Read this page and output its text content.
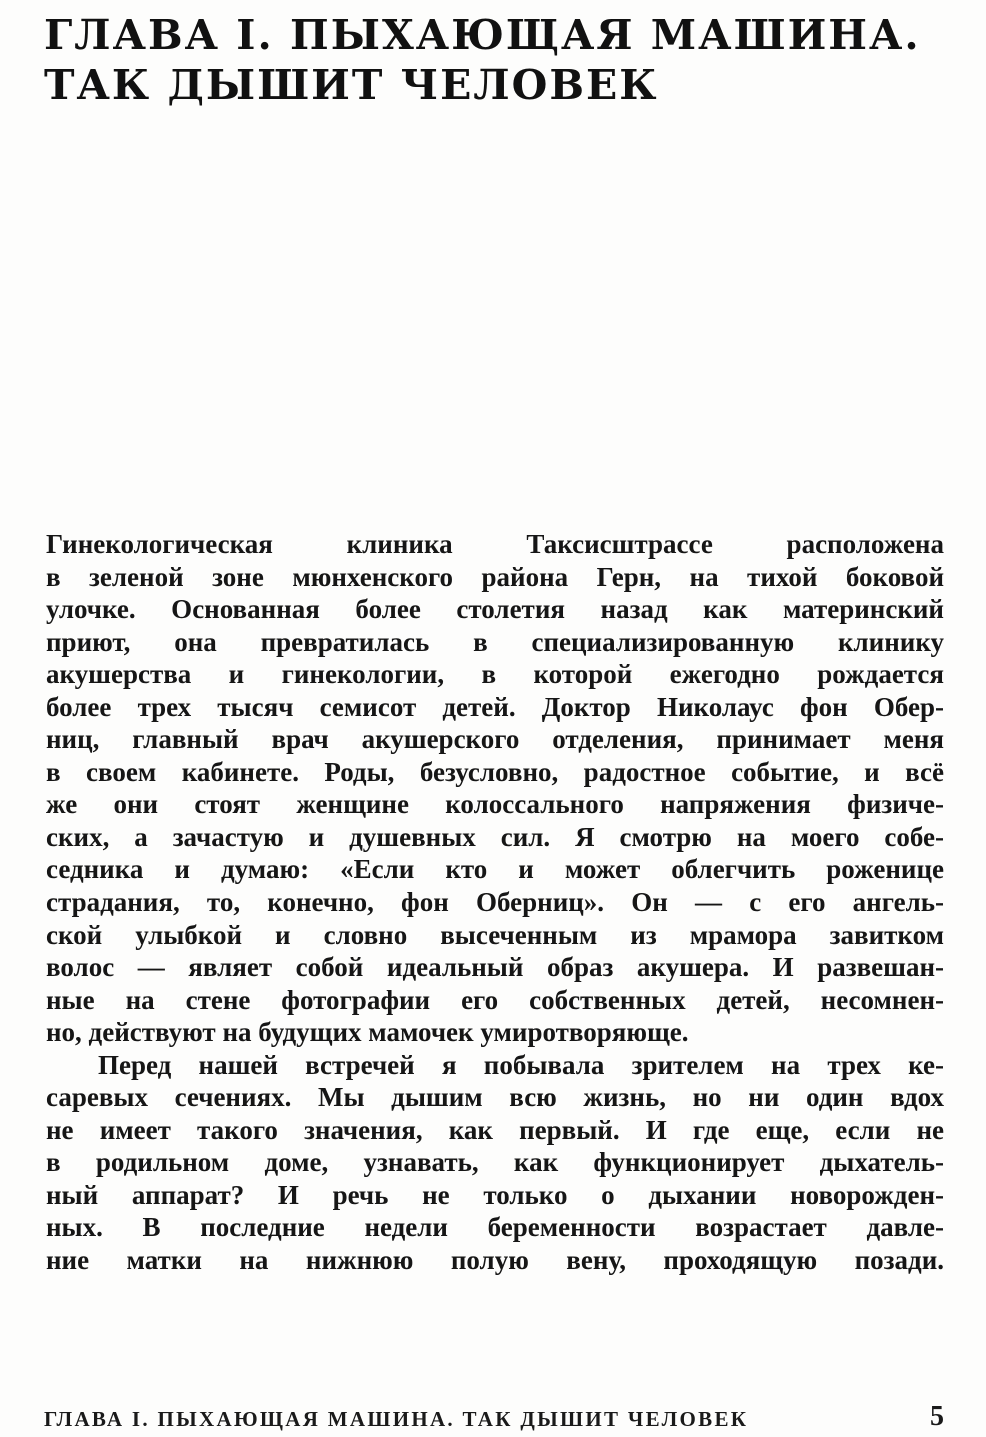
ГЛАВА I. ПЫХАЮЩАЯ МАШИНА.
ТАК ДЫШИТ ЧЕЛОВЕК
Гинекологическая клиника Таксисштрассе расположена
в зеленой зоне мюнхенского района Герн, на тихой боковой
улочке. Основанная более столетия назад как материнский
приют, она превратилась в специализированную клинику
акушерства и гинекологии, в которой ежегодно рождается
более трех тысяч семисот детей. Доктор Николаус фон Обер-
ниц, главный врач акушерского отделения, принимает меня
в своем кабинете. Роды, безусловно, радостное событие, и всё
же они стоят женщине колоссального напряжения физиче-
ских, а зачастую и душевных сил. Я смотрю на моего собе-
седника и думаю: «Если кто и может облегчить роженице
страдания, то, конечно, фон Оберниц». Он — с его ангель-
ской улыбкой и словно высеченным из мрамора завитком
волос — являет собой идеальный образ акушера. И развешан-
ные на стене фотографии его собственных детей, несомнен-
но, действуют на будущих мамочек умиротворяюще.
Перед нашей встречей я побывала зрителем на трех ке-
саревых сечениях. Мы дышим всю жизнь, но ни один вдох
не имеет такого значения, как первый. И где еще, если не
в родильном доме, узнавать, как функционирует дыхатель-
ный аппарат? И речь не только о дыхании новорожден-
ных. В последние недели беременности возрастает давле-
ние матки на нижнюю полую вену, проходящую позади.
ГЛАВА I. ПЫХАЮЩАЯ МАШИНА. ТАК ДЫШИТ ЧЕЛОВЕК	5
